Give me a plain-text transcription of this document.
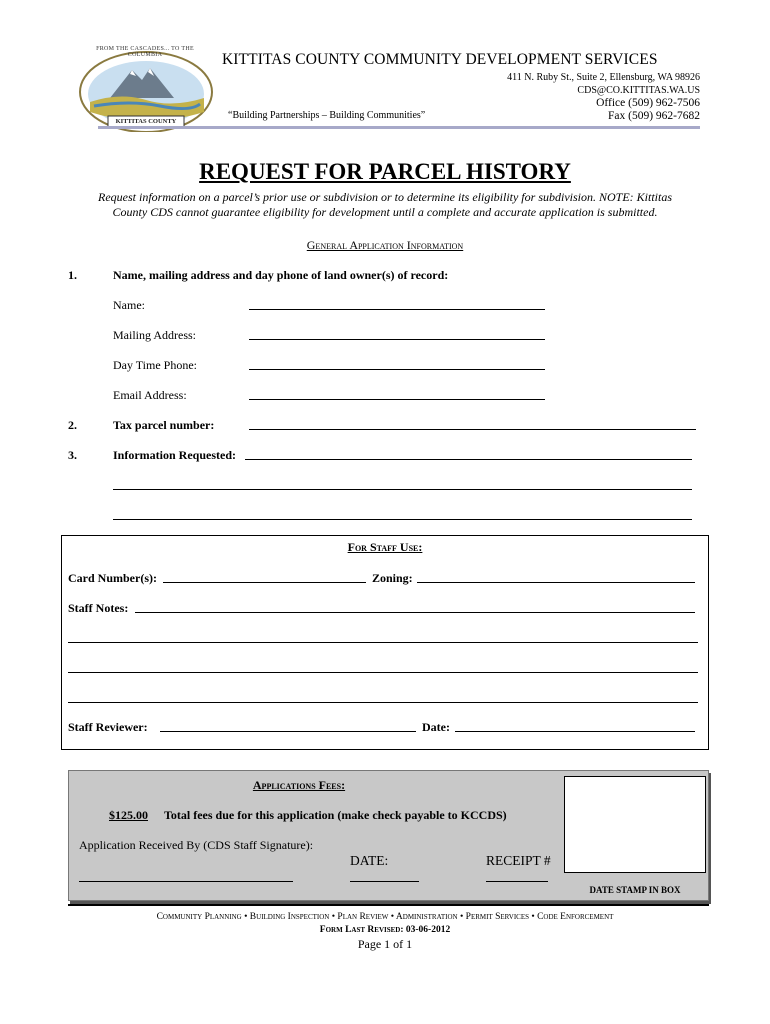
FROM THE CASCADES... TO THE COLUMBIA
KITTITAS COUNTY
KITTITAS COUNTY COMMUNITY DEVELOPMENT SERVICES
411 N. Ruby St., Suite 2, Ellensburg, WA 98926
CDS@CO.KITTITAS.WA.US
Office (509) 962-7506
“Building Partnerships – Building Communities”	Fax (509) 962-7682
REQUEST FOR PARCEL HISTORY
Request information on a parcel’s prior use or subdivision or to determine its eligibility for subdivision. NOTE: Kittitas
County CDS cannot guarantee eligibility for development until a complete and accurate application is submitted.
General Application Information
1.	Name, mailing address and day phone of land owner(s) of record:
Name:
Mailing Address:
Day Time Phone:
Email Address:
2.	Tax parcel number:
3.	Information Requested:
For Staff Use:
Card Number(s):	Zoning:
Staff Notes:
Staff Reviewer:	Date:
Applications Fees:
$125.00 Total fees due for this application (make check payable to KCCDS)
Application Received By (CDS Staff Signature):
DATE:	RECEIPT #
DATE STAMP IN BOX
Community Planning • Building Inspection • Plan Review • Administration • Permit Services • Code Enforcement
Form Last Revised: 03-06-2012
Page 1 of 1
